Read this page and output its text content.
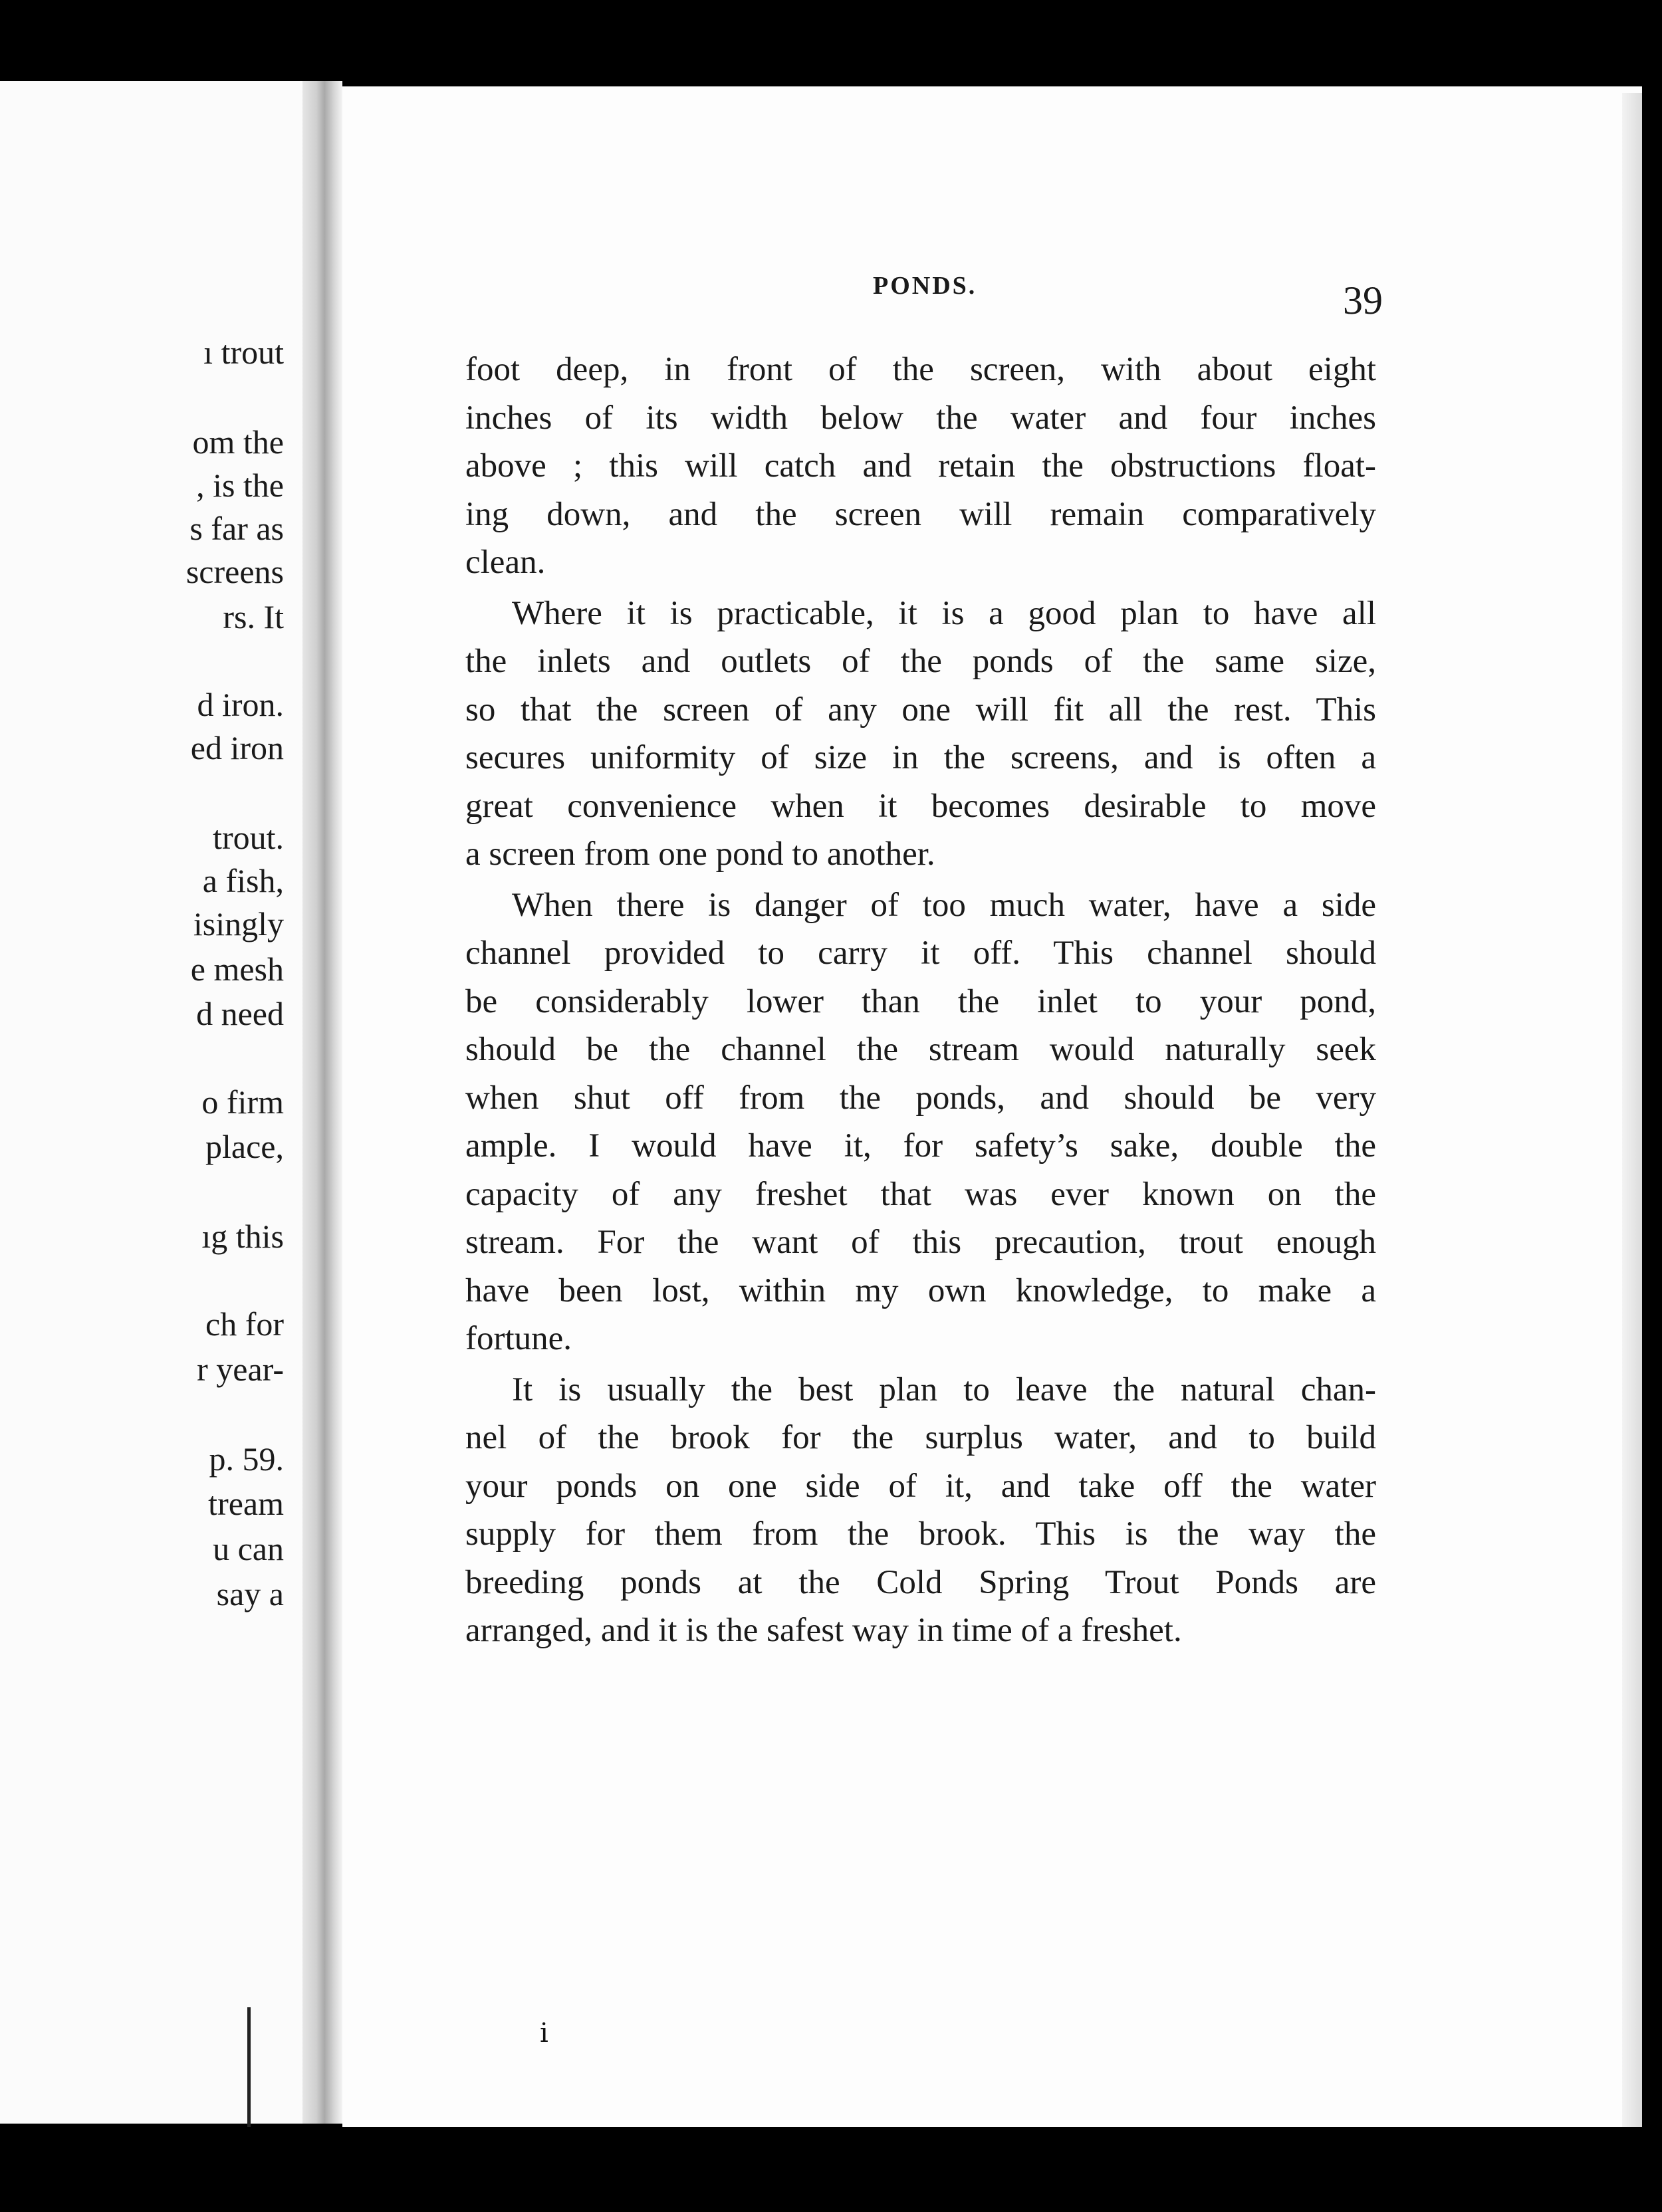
ı trout
om the
, is the
s far as
screens
rs. It
d iron.
ed iron
trout.
a fish,
isingly
e mesh
d need
o firm
place,
ıg this
ch for
r year-
p. 59.
tream
u can
say a
PONDS.	39
foot deep, in front of the screen, with about eight
inches of its width below the water and four inches
above ; this will catch and retain the obstructions float-
ing down, and the screen will remain comparatively
clean.
Where it is practicable, it is a good plan to have all
the inlets and outlets of the ponds of the same size,
so that the screen of any one will fit all the rest. This
secures uniformity of size in the screens, and is often a
great convenience when it becomes desirable to move
a screen from one pond to another.
When there is danger of too much water, have a side
channel provided to carry it off. This channel should
be considerably lower than the inlet to your pond,
should be the channel the stream would naturally seek
when shut off from the ponds, and should be very
ample. I would have it, for safety’s sake, double the
capacity of any freshet that was ever known on the
stream. For the want of this precaution, trout enough
have been lost, within my own knowledge, to make a
fortune.
It is usually the best plan to leave the natural chan-
nel of the brook for the surplus water, and to build
your ponds on one side of it, and take off the water
supply for them from the brook. This is the way the
breeding ponds at the Cold Spring Trout Ponds are
arranged, and it is the safest way in time of a freshet.
ⅰ
